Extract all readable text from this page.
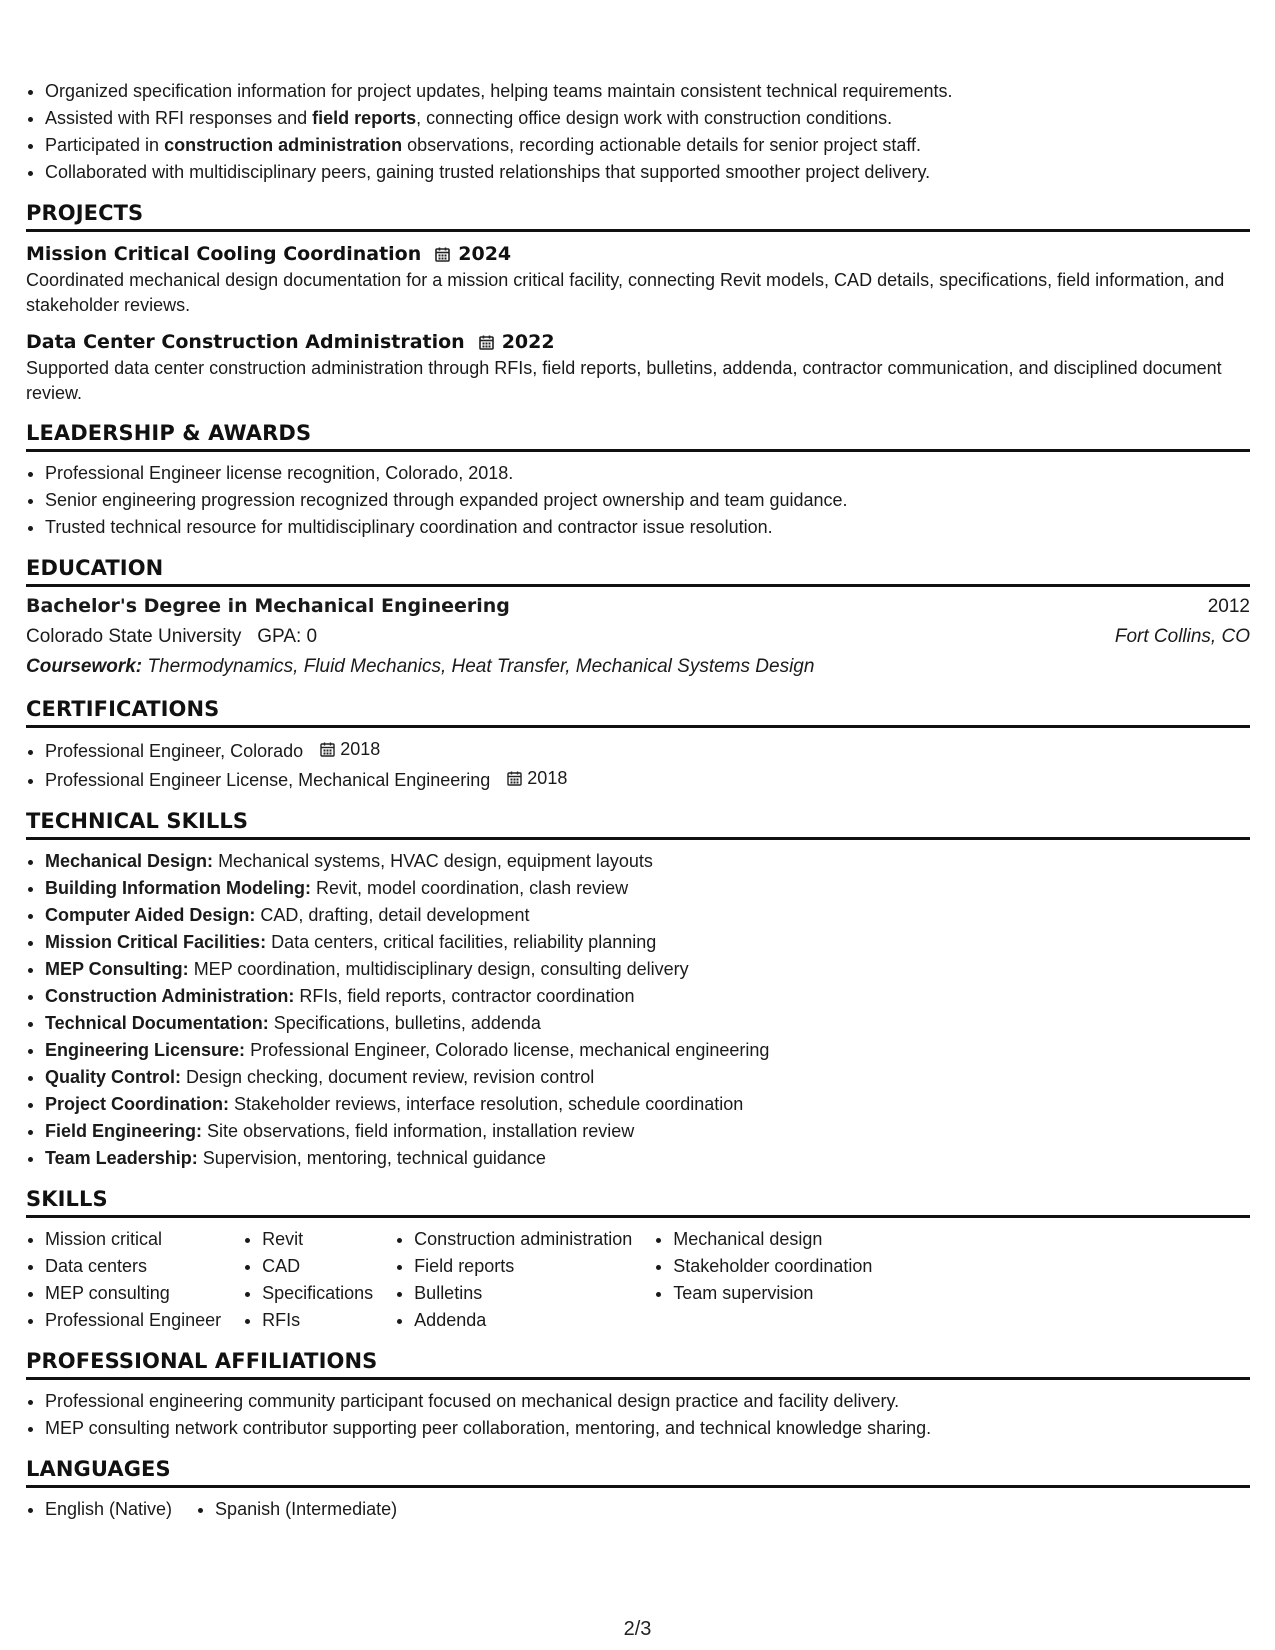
• Organized specification information for project updates, helping teams maintain consistent technical requirements.
• Assisted with RFI responses and field reports, connecting office design work with construction conditions.
• Participated in construction administration observations, recording actionable details for senior project staff.
• Collaborated with multidisciplinary peers, gaining trusted relationships that supported smoother project delivery.
PROJECTS
Mission Critical Cooling Coordination 2024
Coordinated mechanical design documentation for a mission critical facility, connecting Revit models, CAD details, specifications, field information, and stakeholder reviews.
Data Center Construction Administration 2022
Supported data center construction administration through RFIs, field reports, bulletins, addenda, contractor communication, and disciplined document review.
LEADERSHIP & AWARDS
• Professional Engineer license recognition, Colorado, 2018.
• Senior engineering progression recognized through expanded project ownership and team guidance.
• Trusted technical resource for multidisciplinary coordination and contractor issue resolution.
EDUCATION
Bachelor's Degree in Mechanical Engineering	2012
Colorado State University GPA: 0	Fort Collins, CO
Coursework: Thermodynamics, Fluid Mechanics, Heat Transfer, Mechanical Systems Design
CERTIFICATIONS
• Professional Engineer, Colorado 2018
• Professional Engineer License, Mechanical Engineering 2018
TECHNICAL SKILLS
• Mechanical Design: Mechanical systems, HVAC design, equipment layouts
• Building Information Modeling: Revit, model coordination, clash review
• Computer Aided Design: CAD, drafting, detail development
• Mission Critical Facilities: Data centers, critical facilities, reliability planning
• MEP Consulting: MEP coordination, multidisciplinary design, consulting delivery
• Construction Administration: RFIs, field reports, contractor coordination
• Technical Documentation: Specifications, bulletins, addenda
• Engineering Licensure: Professional Engineer, Colorado license, mechanical engineering
• Quality Control: Design checking, document review, revision control
• Project Coordination: Stakeholder reviews, interface resolution, schedule coordination
• Field Engineering: Site observations, field information, installation review
• Team Leadership: Supervision, mentoring, technical guidance
SKILLS
• Mission critical
• Data centers
• MEP consulting
• Professional Engineer
• Revit
• CAD
• Specifications
• RFIs
• Construction administration
• Field reports
• Bulletins
• Addenda
• Mechanical design
• Stakeholder coordination
• Team supervision
PROFESSIONAL AFFILIATIONS
• Professional engineering community participant focused on mechanical design practice and facility delivery.
• MEP consulting network contributor supporting peer collaboration, mentoring, and technical knowledge sharing.
LANGUAGES
• English (Native)
• Spanish (Intermediate)
2/3
